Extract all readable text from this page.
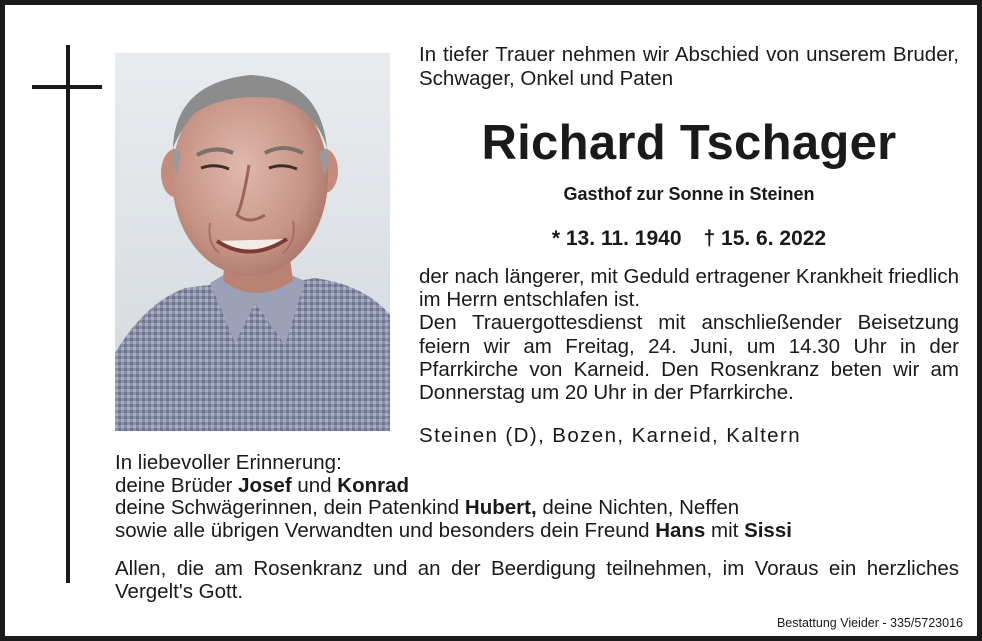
In tiefer Trauer nehmen wir Abschied von unserem Bruder, Schwager, Onkel und Paten
Richard Tschager
Gasthof zur Sonne in Steinen
* 13. 11. 1940 † 15. 6. 2022

der nach längerer, mit Geduld ertragener Krankheit friedlich im Herrn entschlafen ist.

Den Trauergottesdienst mit anschließender Beisetzung feiern wir am Freitag, 24. Juni, um 14.30 Uhr in der Pfarrkirche von Karneid. Den Rosenkranz beten wir am Donnerstag um 20 Uhr in der Pfarrkirche.

Steinen (D), Bozen, Karneid, Kaltern
In liebevoller Erinnerung:
deine Brüder Josef und Konrad
deine Schwägerinnen, dein Patenkind Hubert, deine Nichten, Neffen
sowie alle übrigen Verwandten und besonders dein Freund Hans mit Sissi
Allen, die am Rosenkranz und an der Beerdigung teilnehmen, im Voraus ein herzliches Vergelt's Gott.
Bestattung Vieider - 335/5723016
